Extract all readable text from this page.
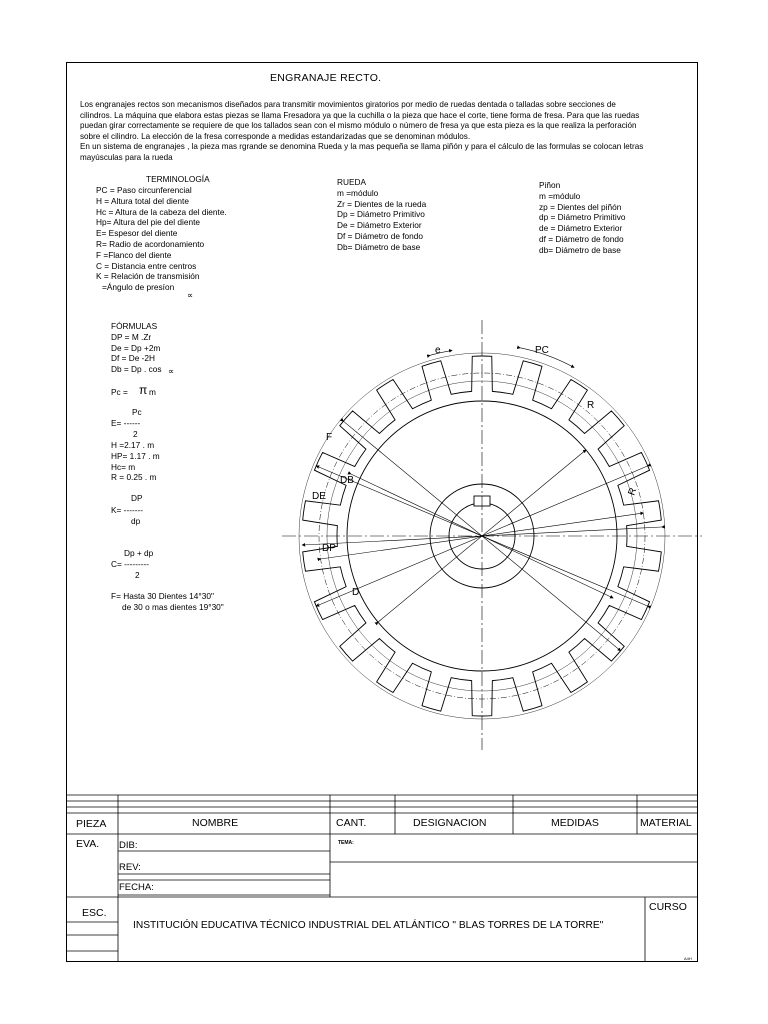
ENGRANAJE RECTO.

Los engranajes rectos son mecanismos diseñados para transmitir movimientos giratorios por medio de ruedas dentada o talladas sobre secciones de

cilindros. La máquina que elabora estas piezas se llama Fresadora ya que la cuchilla o la pieza que hace el corte, tiene forma de fresa. Para que las ruedas

puedan girar correctamente se requiere de que los tallados sean con el mismo módulo o número de fresa ya que esta pieza es la que realiza la perforación

sobre el cilindro. La elección de la fresa corresponde a medidas estandarizadas que se denominan módulos.

En un sistema de engranajes , la pieza mas rgrande se denomina Rueda y la mas pequeña se llama piñón y para el cálculo de las formulas se colocan letras

mayúsculas para la rueda

TERMINOLOGÍA
PC = Paso circunferencial
H = Altura total del diente
Hc = Altura de la cabeza del diente.
Hp= Altura del pie del diente
E= Espesor del diente
R= Radio de acordonamiento
F =Flanco del diente
C = Distancia entre centros
K = Relación de transmisión
=Ángulo de presíon
∝
RUEDA
m =módulo
Zr = Dientes de la rueda
Dp = Diámetro Primitivo
De = Diámetro Exterior
Df = Diámetro de fondo
Db= Diámetro de base
Piñon
m =módulo
zp = Dientes del piñón
dp = Diámetro Primitivo
de = Diámetro Exterior
df = Diámetro de fondo
db= Diámetro de base
FÓRMULAS
DP = M .Zr
De = Dp +2m
Df = De -2H
Db = Dp . cos ∝
Pc = π m
Pc
E= ------
2
H =2.17 . m
HP= 1.17 . m
Hc= m
R = 0.25 . m
DP
K= -------
dp
Dp + dp
C= ---------
2
F= Hasta 30 Dientes 14°30"
de 30 o mas dientes 19°30"
e	PC
R
F
DB
DE
DP
D
R
PIEZA	NOMBRE	CANT.	DESIGNACION	MEDIDAS	MATERIAL
EVA. DIB:
REV:
FECHA:
TEMA:
ESC.	CURSO
INSTITUCIÓN EDUCATIVA TÉCNICO INDUSTRIAL DEL ATLÁNTICO " BLAS TORRES DE LA TORRE"
A4H
